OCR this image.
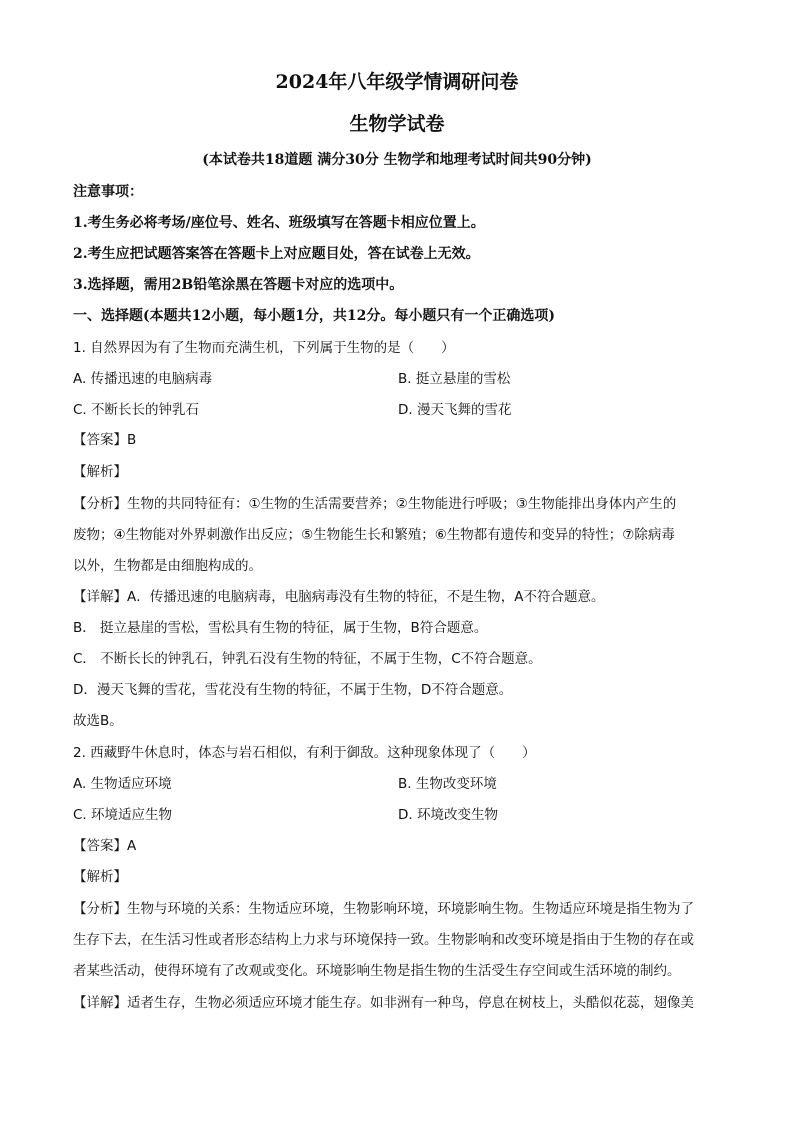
2024年八年级学情调研问卷
生物学试卷
(本试卷共18道题 满分30分 生物学和地理考试时间共90分钟)
注意事项：
1.考生务必将考场/座位号、姓名、班级填写在答题卡相应位置上。
2.考生应把试题答案答在答题卡上对应题目处，答在试卷上无效。
3.选择题，需用2B铅笔涂黑在答题卡对应的选项中。
一、选择题(本题共12小题，每小题1分，共12分。每小题只有一个正确选项)
1. 自然界因为有了生物而充满生机，下列属于生物的是（　　）
A. 传播迅速的电脑病毒	B. 挺立悬崖的雪松
C. 不断长长的钟乳石	D. 漫天飞舞的雪花
【答案】B
【解析】
【分析】生物的共同特征有：①生物的生活需要营养；②生物能进行呼吸；③生物能排出身体内产生的
废物；④生物能对外界刺激作出反应；⑤生物能生长和繁殖；⑥生物都有遗传和变异的特性；⑦除病毒
以外，生物都是由细胞构成的。
【详解】A．传播迅速的电脑病毒，电脑病毒没有生物的特征，不是生物，A不符合题意。
B． 挺立悬崖的雪松，雪松具有生物的特征，属于生物，B符合题意。
C． 不断长长的钟乳石，钟乳石没有生物的特征，不属于生物，C不符合题意。
D．漫天飞舞的雪花，雪花没有生物的特征，不属于生物，D不符合题意。
故选B。
2. 西藏野牛休息时，体态与岩石相似，有利于御敌。这种现象体现了（　　）
A. 生物适应环境	B. 生物改变环境
C. 环境适应生物	D. 环境改变生物
【答案】A
【解析】
【分析】生物与环境的关系：生物适应环境，生物影响环境，环境影响生物。生物适应环境是指生物为了
生存下去，在生活习性或者形态结构上力求与环境保持一致。生物影响和改变环境是指由于生物的存在或
者某些活动，使得环境有了改观或变化。环境影响生物是指生物的生活受生存空间或生活环境的制约。
【详解】适者生存，生物必须适应环境才能生存。如非洲有一种鸟，停息在树枝上，头酷似花蕊，翅像美
